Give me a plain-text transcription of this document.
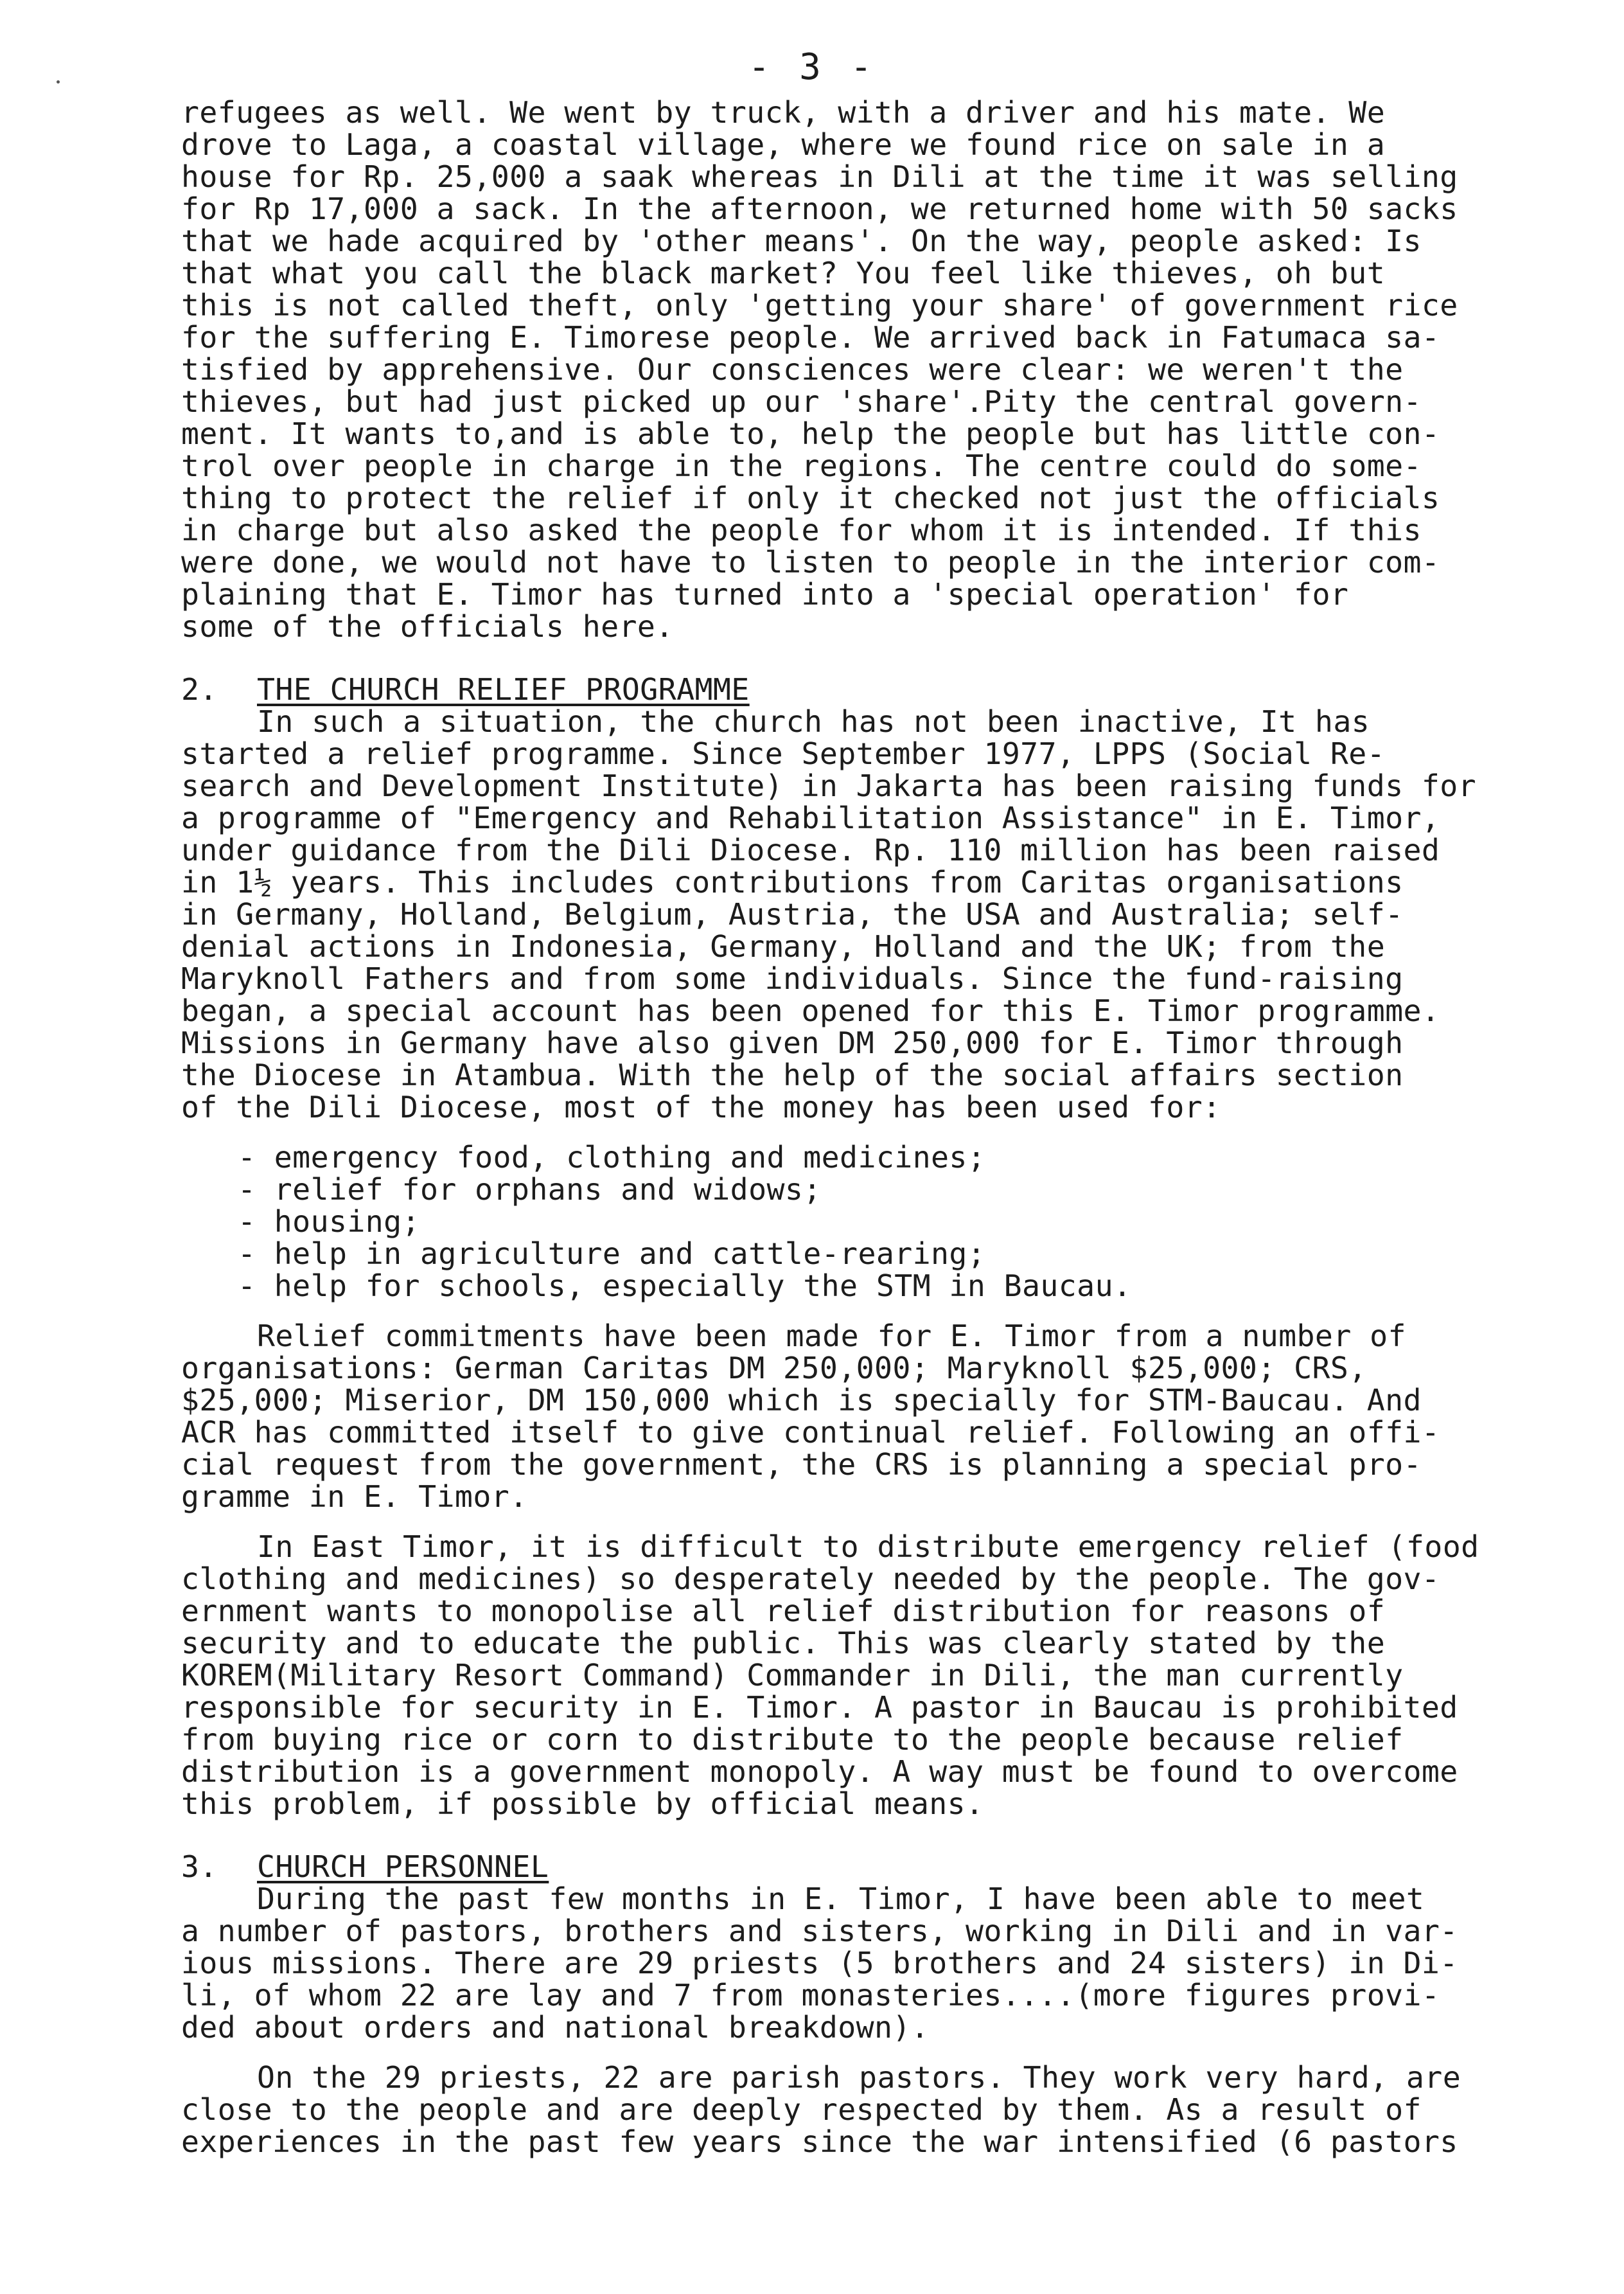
- 3 -
refugees as well. We went by truck, with a driver and his mate. We
drove to Laga, a coastal village, where we found rice on sale in a
house for Rp. 25,000 a saak whereas in Dili at the time it was selling
for Rp 17,000 a sack. In the afternoon, we returned home with 50 sacks
that we hade acquired by 'other means'. On the way, people asked: Is
that what you call the black market? You feel like thieves, oh but
this is not called theft, only 'getting your share' of government rice
for the suffering E. Timorese people. We arrived back in Fatumaca sa-
tisfied by apprehensive. Our consciences were clear: we weren't the
thieves, but had just picked up our 'share'.Pity the central govern-
ment. It wants to,and is able to, help the people but has little con-
trol over people in charge in the regions. The centre could do some-
thing to protect the relief if only it checked not just the officials
in charge but also asked the people for whom it is intended. If this
were done, we would not have to listen to people in the interior com-
plaining that E. Timor has turned into a 'special operation' for
some of the officials here.
2. THE CHURCH RELIEF PROGRAMME
In such a situation, the church has not been inactive, It has
started a relief programme. Since September 1977, LPPS (Social Re-
search and Development Institute) in Jakarta has been raising funds for
a programme of "Emergency and Rehabilitation Assistance" in E. Timor,
under guidance from the Dili Diocese. Rp. 110 million has been raised
in 1½ years. This includes contributions from Caritas organisations
in Germany, Holland, Belgium, Austria, the USA and Australia; self-
denial actions in Indonesia, Germany, Holland and the UK; from the
Maryknoll Fathers and from some individuals. Since the fund-raising
began, a special account has been opened for this E. Timor programme.
Missions in Germany have also given DM 250,000 for E. Timor through
the Diocese in Atambua. With the help of the social affairs section
of the Dili Diocese, most of the money has been used for:
- emergency food, clothing and medicines;
- relief for orphans and widows;
- housing;
- help in agriculture and cattle-rearing;
- help for schools, especially the STM in Baucau.
Relief commitments have been made for E. Timor from a number of
organisations: German Caritas DM 250,000; Maryknoll $25,000; CRS,
$25,000; Miserior, DM 150,000 which is specially for STM-Baucau. And
ACR has committed itself to give continual relief. Following an offi-
cial request from the government, the CRS is planning a special pro-
gramme in E. Timor.
In East Timor, it is difficult to distribute emergency relief (food
clothing and medicines) so desperately needed by the people. The gov-
ernment wants to monopolise all relief distribution for reasons of
security and to educate the public. This was clearly stated by the
KOREM(Military Resort Command) Commander in Dili, the man currently
responsible for security in E. Timor. A pastor in Baucau is prohibited
from buying rice or corn to distribute to the people because relief
distribution is a government monopoly. A way must be found to overcome
this problem, if possible by official means.
3. CHURCH PERSONNEL
During the past few months in E. Timor, I have been able to meet
a number of pastors, brothers and sisters, working in Dili and in var-
ious missions. There are 29 priests (5 brothers and 24 sisters) in Di-
li, of whom 22 are lay and 7 from monasteries....(more figures provi-
ded about orders and national breakdown).
On the 29 priests, 22 are parish pastors. They work very hard, are
close to the people and are deeply respected by them. As a result of
experiences in the past few years since the war intensified (6 pastors
